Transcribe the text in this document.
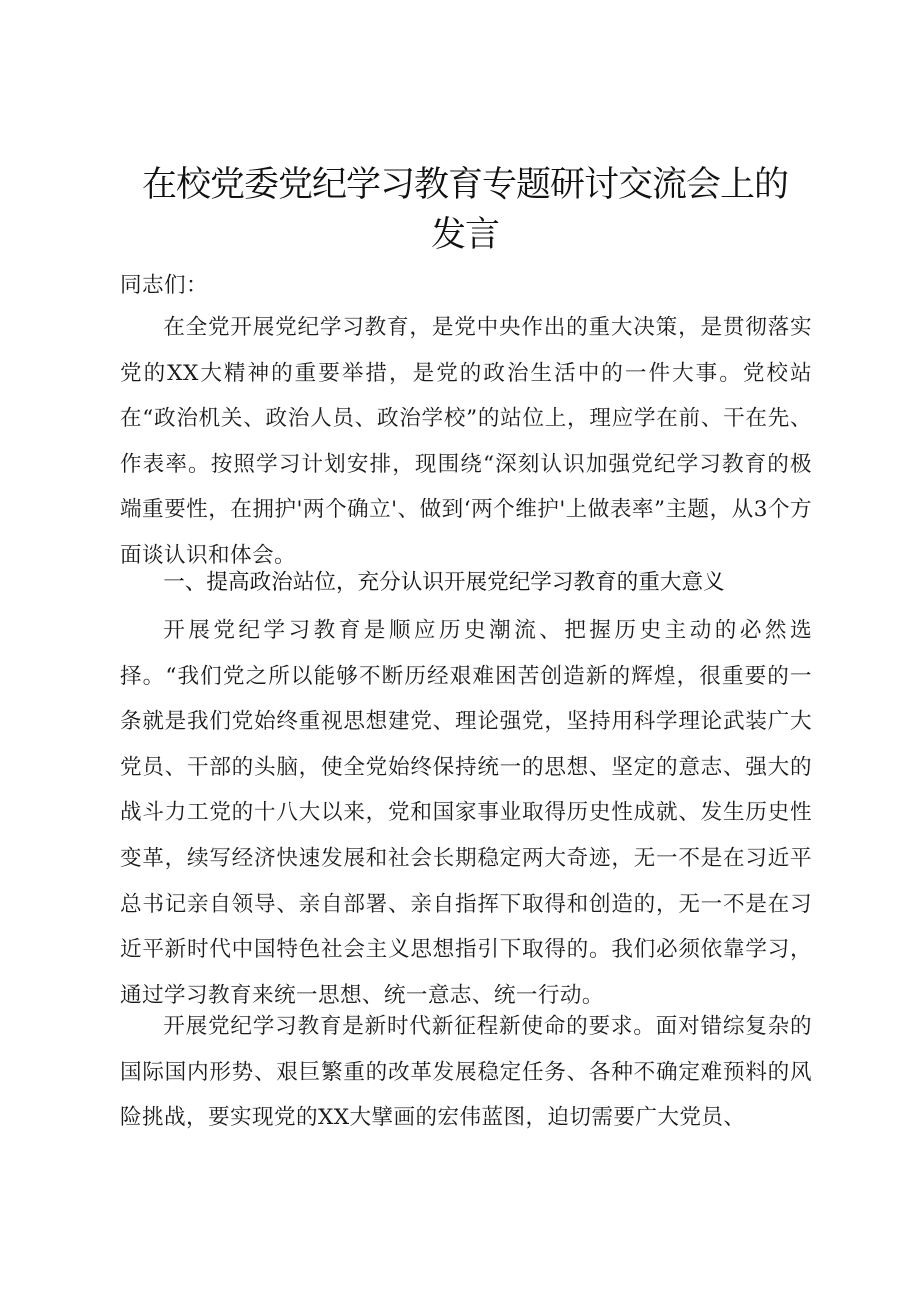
在校党委党纪学习教育专题研讨交流会上的发言

同志们：

在全党开展党纪学习教育，是党中央作出的重大决策，是贯彻落实党的XX大精神的重要举措，是党的政治生活中的一件大事。党校站在“政治机关、政治人员、政治学校”的站位上，理应学在前、干在先、作表率。按照学习计划安排，现围绕“深刻认识加强党纪学习教育的极端重要性，在拥护'两个确立'、做到‘两个维护'上做表率”主题，从3个方面谈认识和体会。

一、提高政治站位，充分认识开展党纪学习教育的重大意义

开展党纪学习教育是顺应历史潮流、把握历史主动的必然选择。“我们党之所以能够不断历经艰难困苦创造新的辉煌，很重要的一条就是我们党始终重视思想建党、理论强党，坚持用科学理论武装广大党员、干部的头脑，使全党始终保持统一的思想、坚定的意志、强大的战斗力工党的十八大以来，党和国家事业取得历史性成就、发生历史性变革，续写经济快速发展和社会长期稳定两大奇迹，无一不是在习近平总书记亲自领导、亲自部署、亲自指挥下取得和创造的，无一不是在习近平新时代中国特色社会主义思想指引下取得的。我们必须依靠学习，通过学习教育来统一思想、统一意志、统一行动。

开展党纪学习教育是新时代新征程新使命的要求。面对错综复杂的国际国内形势、艰巨繁重的改革发展稳定任务、各种不确定难预料的风险挑战，要实现党的XX大擘画的宏伟蓝图，迫切需要广大党员、
